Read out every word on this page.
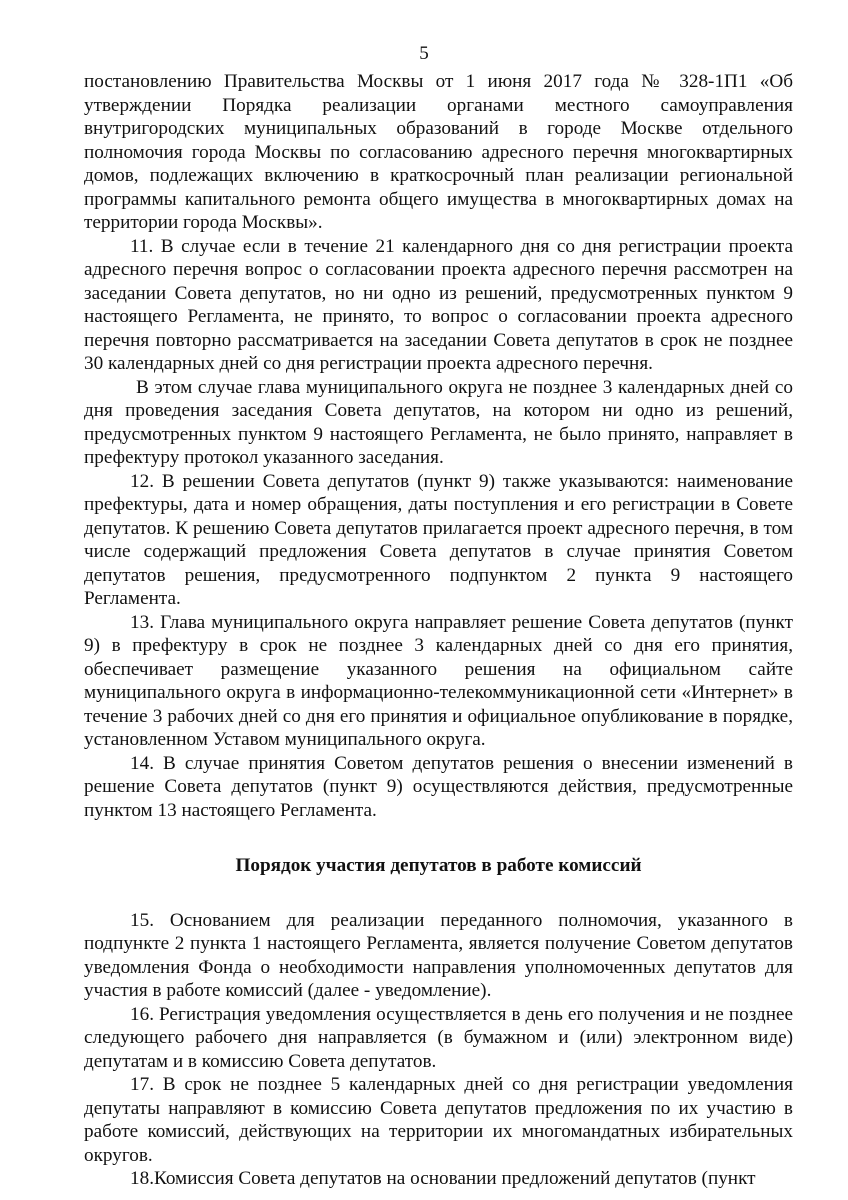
5

постановлению Правительства Москвы от 1 июня 2017 года № 328-1П1 «Об утверждении Порядка реализации органами местного самоуправления внутригородских муниципальных образований в городе Москве отдельного полномочия города Москвы по согласованию адресного перечня многоквартирных домов, подлежащих включению в краткосрочный план реализации региональной программы капитального ремонта общего имущества в многоквартирных домах на территории города Москвы».

11. В случае если в течение 21 календарного дня со дня регистрации проекта адресного перечня вопрос о согласовании проекта адресного перечня рассмотрен на заседании Совета депутатов, но ни одно из решений, предусмотренных пунктом 9 настоящего Регламента, не принято, то вопрос о согласовании проекта адресного перечня повторно рассматривается на заседании Совета депутатов в срок не позднее 30 календарных дней со дня регистрации проекта адресного перечня.

В этом случае глава муниципального округа не позднее 3 календарных дней со дня проведения заседания Совета депутатов, на котором ни одно из решений, предусмотренных пунктом 9 настоящего Регламента, не было принято, направляет в префектуру протокол указанного заседания.

12. В решении Совета депутатов (пункт 9) также указываются: наименование префектуры, дата и номер обращения, даты поступления и его регистрации в Совете депутатов. К решению Совета депутатов прилагается проект адресного перечня, в том числе содержащий предложения Совета депутатов в случае принятия Советом депутатов решения, предусмотренного подпунктом 2 пункта 9 настоящего Регламента.

13. Глава муниципального округа направляет решение Совета депутатов (пункт 9) в префектуру в срок не позднее 3 календарных дней со дня его принятия, обеспечивает размещение указанного решения на официальном сайте муниципального округа в информационно-телекоммуникационной сети «Интернет» в течение 3 рабочих дней со дня его принятия и официальное опубликование в порядке, установленном Уставом муниципального округа.

14. В случае принятия Советом депутатов решения о внесении изменений в решение Совета депутатов (пункт 9) осуществляются действия, предусмотренные пунктом 13 настоящего Регламента.

Порядок участия депутатов в работе комиссий

15. Основанием для реализации переданного полномочия, указанного в подпункте 2 пункта 1 настоящего Регламента, является получение Советом депутатов уведомления Фонда о необходимости направления уполномоченных депутатов для участия в работе комиссий (далее - уведомление).

16. Регистрация уведомления осуществляется в день его получения и не позднее следующего рабочего дня направляется (в бумажном и (или) электронном виде) депутатам и в комиссию Совета депутатов.

17. В срок не позднее 5 календарных дней со дня регистрации уведомления депутаты направляют в комиссию Совета депутатов предложения по их участию в работе комиссий, действующих на территории их многомандатных избирательных округов.

18.Комиссия Совета депутатов на основании предложений депутатов (пункт
